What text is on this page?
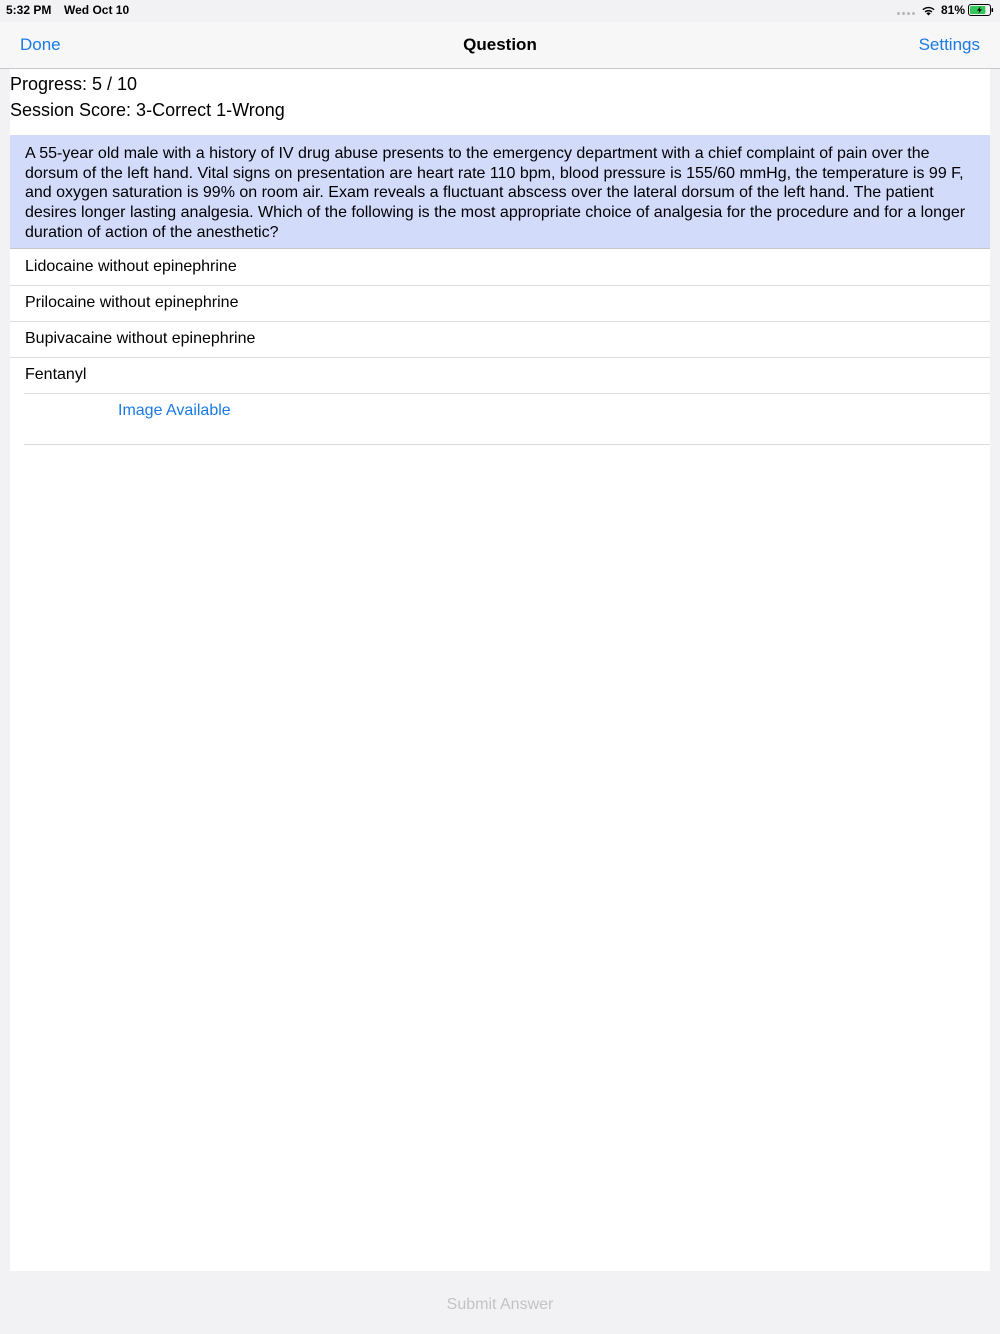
5:32 PM Wed Oct 10	81%
Done	Question	Settings
Progress: 5 / 10
Session Score: 3-Correct 1-Wrong
A 55-year old male with a history of IV drug abuse presents to the emergency department with a chief complaint of pain over the dorsum of the left hand. Vital signs on presentation are heart rate 110 bpm, blood pressure is 155/60 mmHg, the temperature is 99 F, and oxygen saturation is 99% on room air. Exam reveals a fluctuant abscess over the lateral dorsum of the left hand. The patient desires longer lasting analgesia. Which of the following is the most appropriate choice of analgesia for the procedure and for a longer duration of action of the anesthetic?
Lidocaine without epinephrine
Prilocaine without epinephrine
Bupivacaine without epinephrine
Fentanyl
Image Available
Submit Answer
